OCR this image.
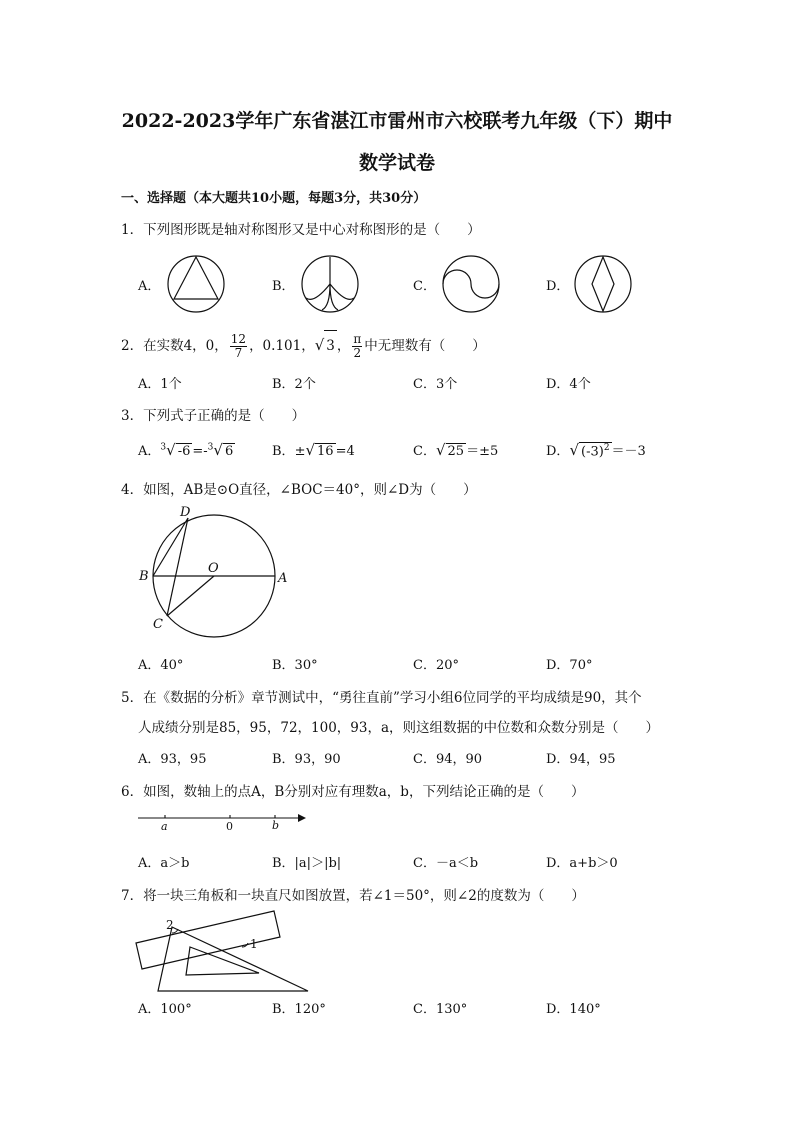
2022-2023学年广东省湛江市雷州市六校联考九年级（下）期中
数学试卷
一、选择题（本大题共10小题，每题3分，共30分）
1．下列图形既是轴对称图形又是中心对称图形的是（　　）
A．	B．	C．	D．
2．在实数4，0， $\frac{12}{7}$ ，0.101，√ 3 ， $\frac{\pi}{2}$ 中无理数有（　　）
A．1个	B．2个	C．3个	D．4个
3．下列式子正确的是（　　）
A．$^3$√ -6 =-$^3$√ 6	B．±√ 16 =4	C．√ 25 ＝±5	D．√ $(-3)^2 =-3$
4．如图，AB是⊙O直径，∠BOC＝40°，则∠D为（　　）
D
B
O
A
C
A．40°	B．30°	C．20°	D．70°
5．在《数据的分析》章节测试中，“勇往直前”学习小组6位同学的平均成绩是90，其个
人成绩分别是85，95，72，100，93，a，则这组数据的中位数和众数分别是（　　）
A．93，95	B．93，90	C．94，90	D．94，95
6．如图，数轴上的点A，B分别对应有理数a，b，下列结论正确的是（　　）
a	0	b
A．a＞b	B．|a|＞|b|	C．－a＜b	D．a+b＞0
7．将一块三角板和一块直尺如图放置，若∠1＝50°，则∠2的度数为（　　）
2
1
A．100°	B．120°	C．130°	D．140°
